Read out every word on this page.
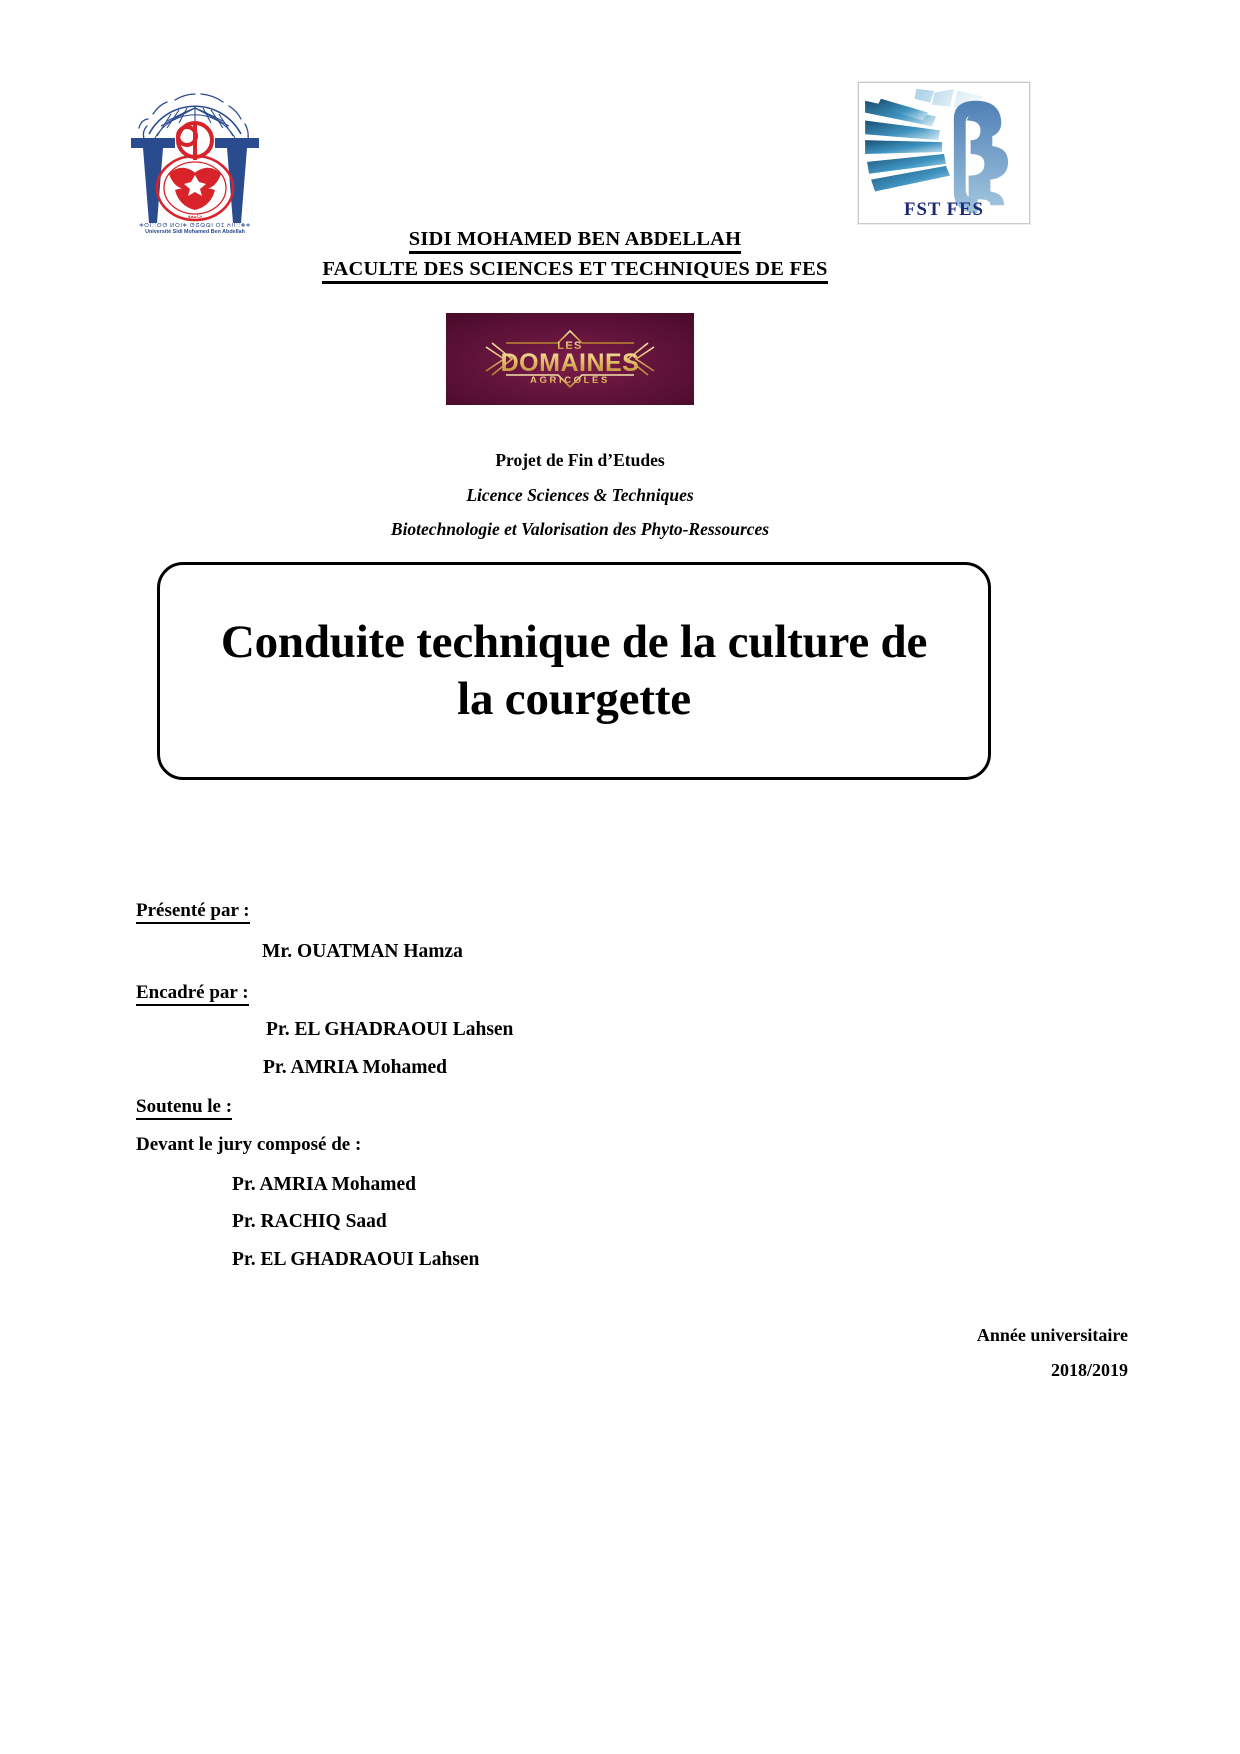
جامعة
ⵐⵔⵏⵘⵙⵚ ⵍⵔⵏⵐ ⵚⵒⵕⵕⵏ ⵔⵊ ⵄⵑⵏⵗⵗⵌⵐ
Université Sidi Mohamed Ben Abdellah
FST FES
SIDI MOHAMED BEN ABDELLAH
FACULTE DES SCIENCES ET TECHNIQUES DE FES
LES
DOMAINES
AGRICOLES
Projet de Fin d’Etudes
Licence Sciences & Techniques
Biotechnologie et Valorisation des Phyto-Ressources
Conduite technique de la culture de la courgette
Présenté par :
Mr. OUATMAN Hamza
Encadré par :
Pr. EL GHADRAOUI Lahsen
Pr. AMRIA Mohamed
Soutenu le :
Devant le jury composé de :
Pr. AMRIA Mohamed
Pr. RACHIQ Saad
Pr. EL GHADRAOUI Lahsen
Année universitaire
2018/2019
